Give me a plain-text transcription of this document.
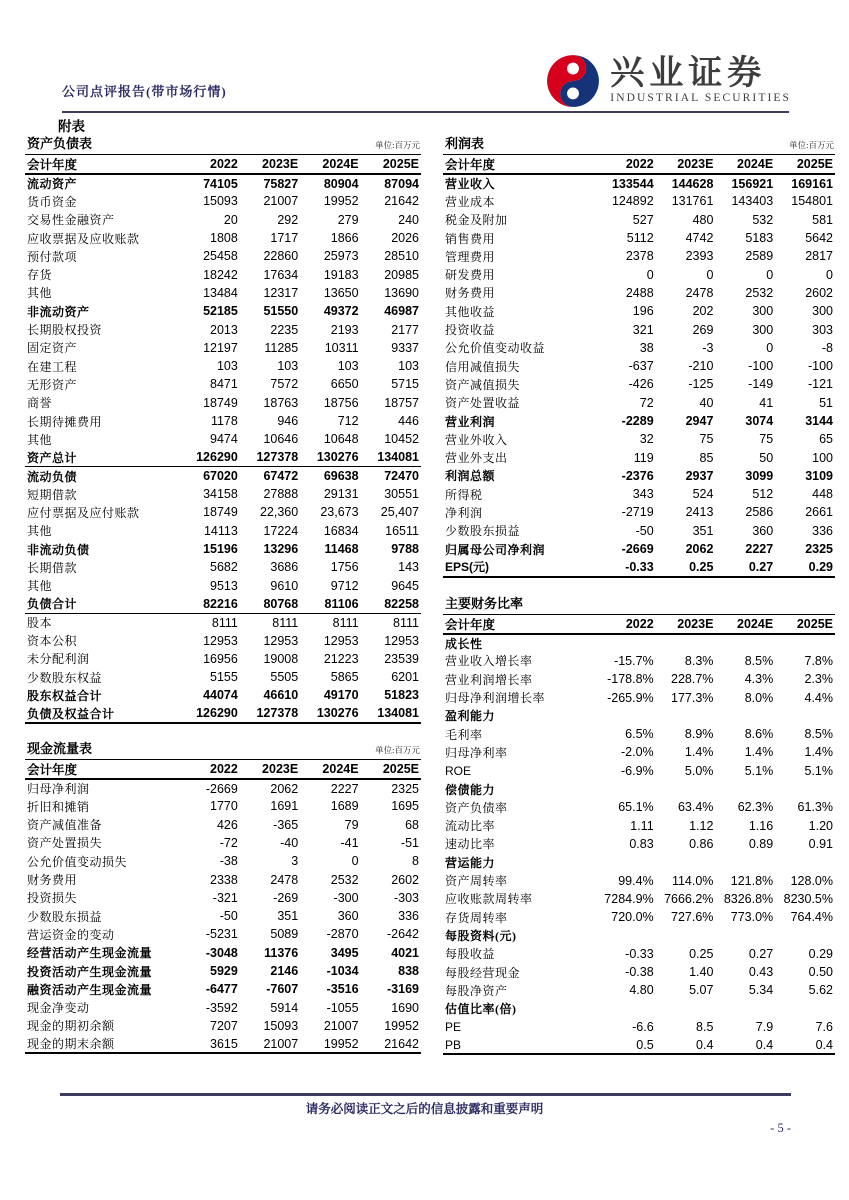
公司点评报告(带市场行情)	兴业证券
INDUSTRIAL SECURITIES
附表
资产负债表	单位:百万元
会计年度	2022	2023E	2024E	2025E
流动资产	74105	75827	80904	87094
货币资金	15093	21007	19952	21642
交易性金融资产	20	292	279	240
应收票据及应收账款	1808	1717	1866	2026
预付款项	25458	22860	25973	28510
存货	18242	17634	19183	20985
其他	13484	12317	13650	13690
非流动资产	52185	51550	49372	46987
长期股权投资	2013	2235	2193	2177
固定资产	12197	11285	10311	9337
在建工程	103	103	103	103
无形资产	8471	7572	6650	5715
商誉	18749	18763	18756	18757
长期待摊费用	1178	946	712	446
其他	9474	10646	10648	10452
资产总计	126290	127378	130276	134081
流动负债	67020	67472	69638	72470
短期借款	34158	27888	29131	30551
应付票据及应付账款	18749	22,360	23,673	25,407
其他	14113	17224	16834	16511
非流动负债	15196	13296	11468	9788
长期借款	5682	3686	1756	143
其他	9513	9610	9712	9645
负债合计	82216	80768	81106	82258
股本	8111	8111	8111	8111
资本公积	12953	12953	12953	12953
未分配利润	16956	19008	21223	23539
少数股东权益	5155	5505	5865	6201
股东权益合计	44074	46610	49170	51823
负债及权益合计	126290	127378	130276	134081
现金流量表	单位:百万元
会计年度	2022	2023E	2024E	2025E
归母净利润	-2669	2062	2227	2325
折旧和摊销	1770	1691	1689	1695
资产减值准备	426	-365	79	68
资产处置损失	-72	-40	-41	-51
公允价值变动损失	-38	3	0	8
财务费用	2338	2478	2532	2602
投资损失	-321	-269	-300	-303
少数股东损益	-50	351	360	336
营运资金的变动	-5231	5089	-2870	-2642
经营活动产生现金流量	-3048	11376	3495	4021
投资活动产生现金流量	5929	2146	-1034	838
融资活动产生现金流量	-6477	-7607	-3516	-3169
现金净变动	-3592	5914	-1055	1690
现金的期初余额	7207	15093	21007	19952
现金的期末余额	3615	21007	19952	21642
利润表	单位:百万元
会计年度	2022	2023E	2024E	2025E
营业收入	133544	144628	156921	169161
营业成本	124892	131761	143403	154801
税金及附加	527	480	532	581
销售费用	5112	4742	5183	5642
管理费用	2378	2393	2589	2817
研发费用	0	0	0	0
财务费用	2488	2478	2532	2602
其他收益	196	202	300	300
投资收益	321	269	300	303
公允价值变动收益	38	-3	0	-8
信用减值损失	-637	-210	-100	-100
资产减值损失	-426	-125	-149	-121
资产处置收益	72	40	41	51
营业利润	-2289	2947	3074	3144
营业外收入	32	75	75	65
营业外支出	119	85	50	100
利润总额	-2376	2937	3099	3109
所得税	343	524	512	448
净利润	-2719	2413	2586	2661
少数股东损益	-50	351	360	336
归属母公司净利润	-2669	2062	2227	2325
EPS(元)	-0.33	0.25	0.27	0.29
主要财务比率
会计年度	2022	2023E	2024E	2025E
成长性				
营业收入增长率	-15.7%	8.3%	8.5%	7.8%
营业利润增长率	-178.8%	228.7%	4.3%	2.3%
归母净利润增长率	-265.9%	177.3%	8.0%	4.4%
盈利能力				
毛利率	6.5%	8.9%	8.6%	8.5%
归母净利率	-2.0%	1.4%	1.4%	1.4%
ROE	-6.9%	5.0%	5.1%	5.1%
偿债能力				
资产负债率	65.1%	63.4%	62.3%	61.3%
流动比率	1.11	1.12	1.16	1.20
速动比率	0.83	0.86	0.89	0.91
营运能力				
资产周转率	99.4%	114.0%	121.8%	128.0%
应收账款周转率	7284.9%	7666.2%	8326.8%	8230.5%
存货周转率	720.0%	727.6%	773.0%	764.4%
每股资料(元)				
每股收益	-0.33	0.25	0.27	0.29
每股经营现金	-0.38	1.40	0.43	0.50
每股净资产	4.80	5.07	5.34	5.62
估值比率(倍)				
PE	-6.6	8.5	7.9	7.6
PB	0.5	0.4	0.4	0.4
请务必阅读正文之后的信息披露和重要声明
- 5 -
